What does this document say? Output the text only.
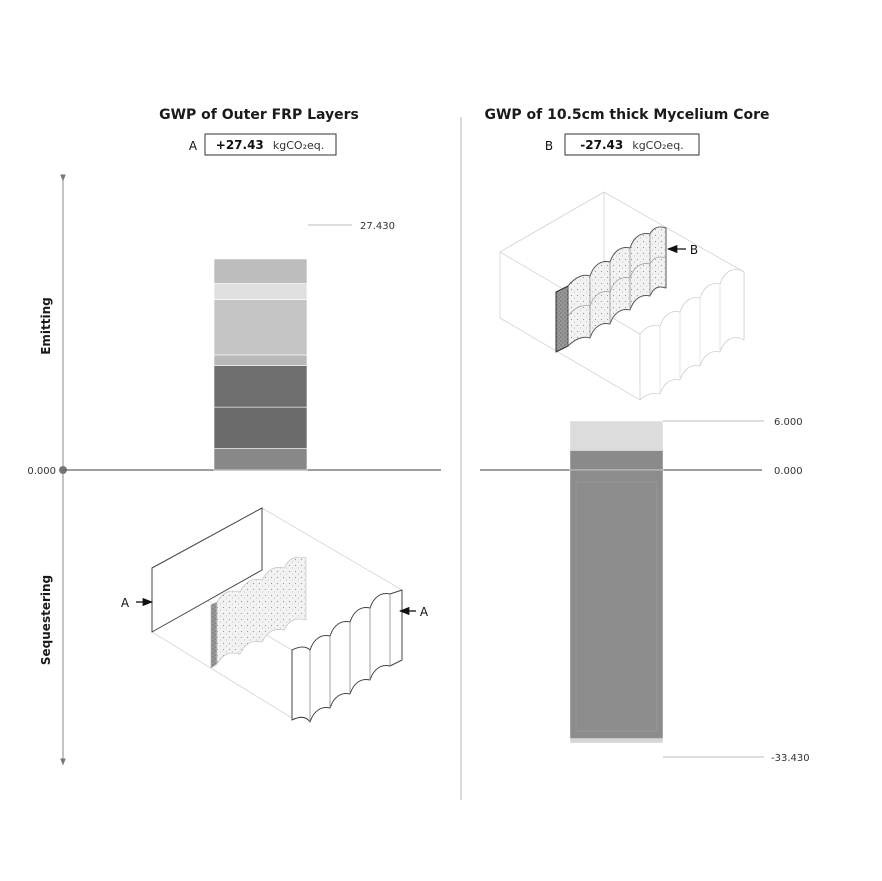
GWP of Outer FRP Layers
A +27.43 kgCO₂eq.
0.000
Emitting
Sequestering
27.430
A
A
GWP of 10.5cm thick Mycelium Core
B -27.43 kgCO₂eq.
B
0.000
6.000
-33.430
